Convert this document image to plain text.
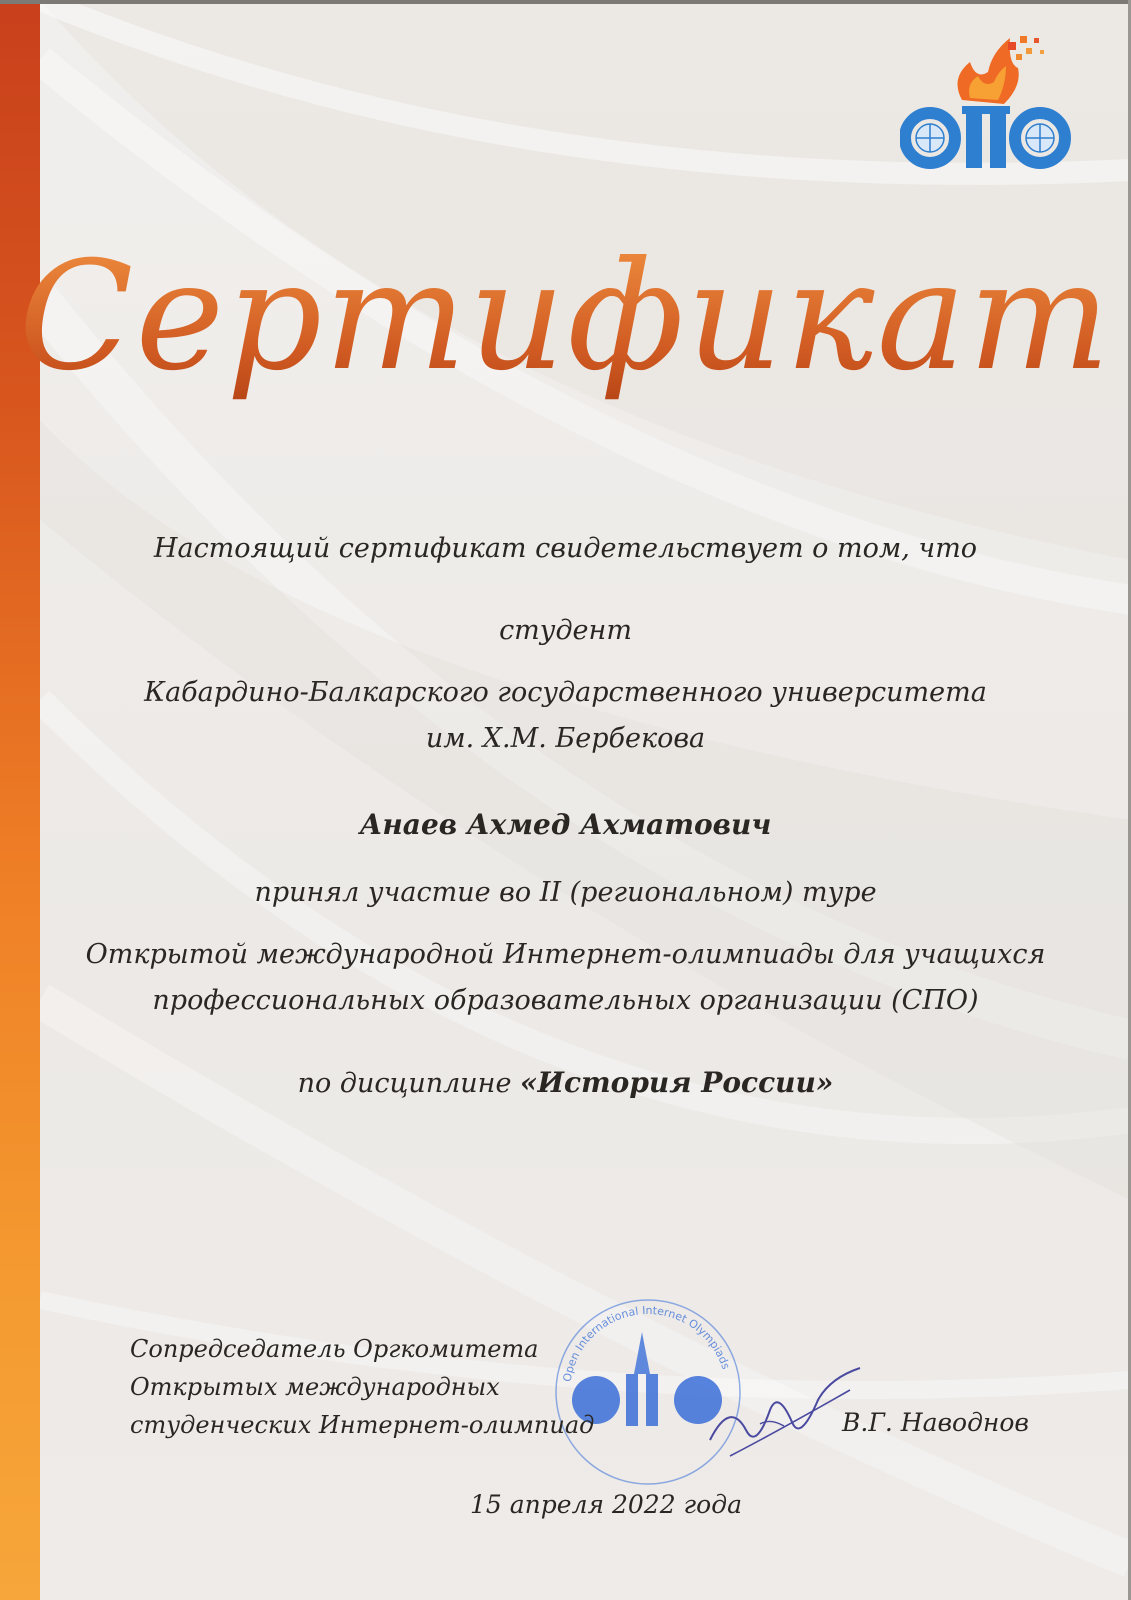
Сертификат
Настоящий сертификат свидетельствует о том, что
студент
Кабардино-Балкарского государственного университета
им. Х.М. Бербекова
Анаев Ахмед Ахматович
принял участие во II (региональном) туре
Открытой международной Интернет-олимпиады для учащихся
профессиональных образовательных организации (СПО)
по дисциплине «История России»
Open International Internet Olympiads
Сопредседатель Оргкомитета
Открытых международных
студенческих Интернет-олимпиад	В.Г. Наводнов
15 апреля 2022 года
